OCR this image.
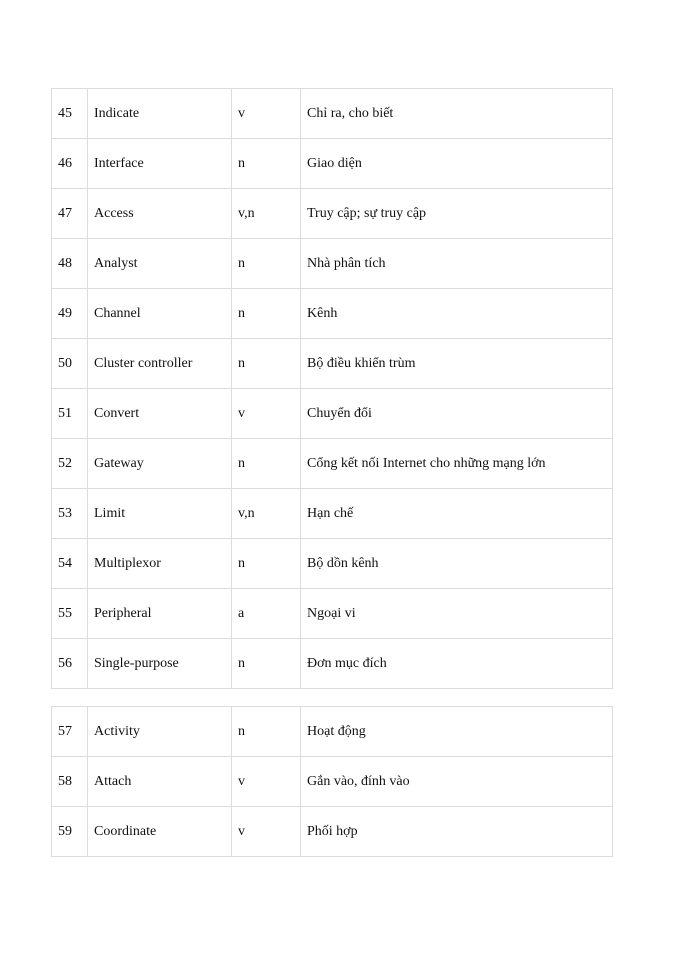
45	Indicate	v	Chỉ ra, cho biết
46	Interface	n	Giao diện
47	Access	v,n	Truy cập; sự truy cập
48	Analyst	n	Nhà phân tích
49	Channel	n	Kênh
50	Cluster controller	n	Bộ điều khiển trùm
51	Convert	v	Chuyển đổi
52	Gateway	n	Cổng kết nối Internet cho những mạng lớn
53	Limit	v,n	Hạn chế
54	Multiplexor	n	Bộ dồn kênh
55	Peripheral	a	Ngoại vi
56	Single-purpose	n	Đơn mục đích
57	Activity	n	Hoạt động
58	Attach	v	Gắn vào, đính vào
59	Coordinate	v	Phối hợp
